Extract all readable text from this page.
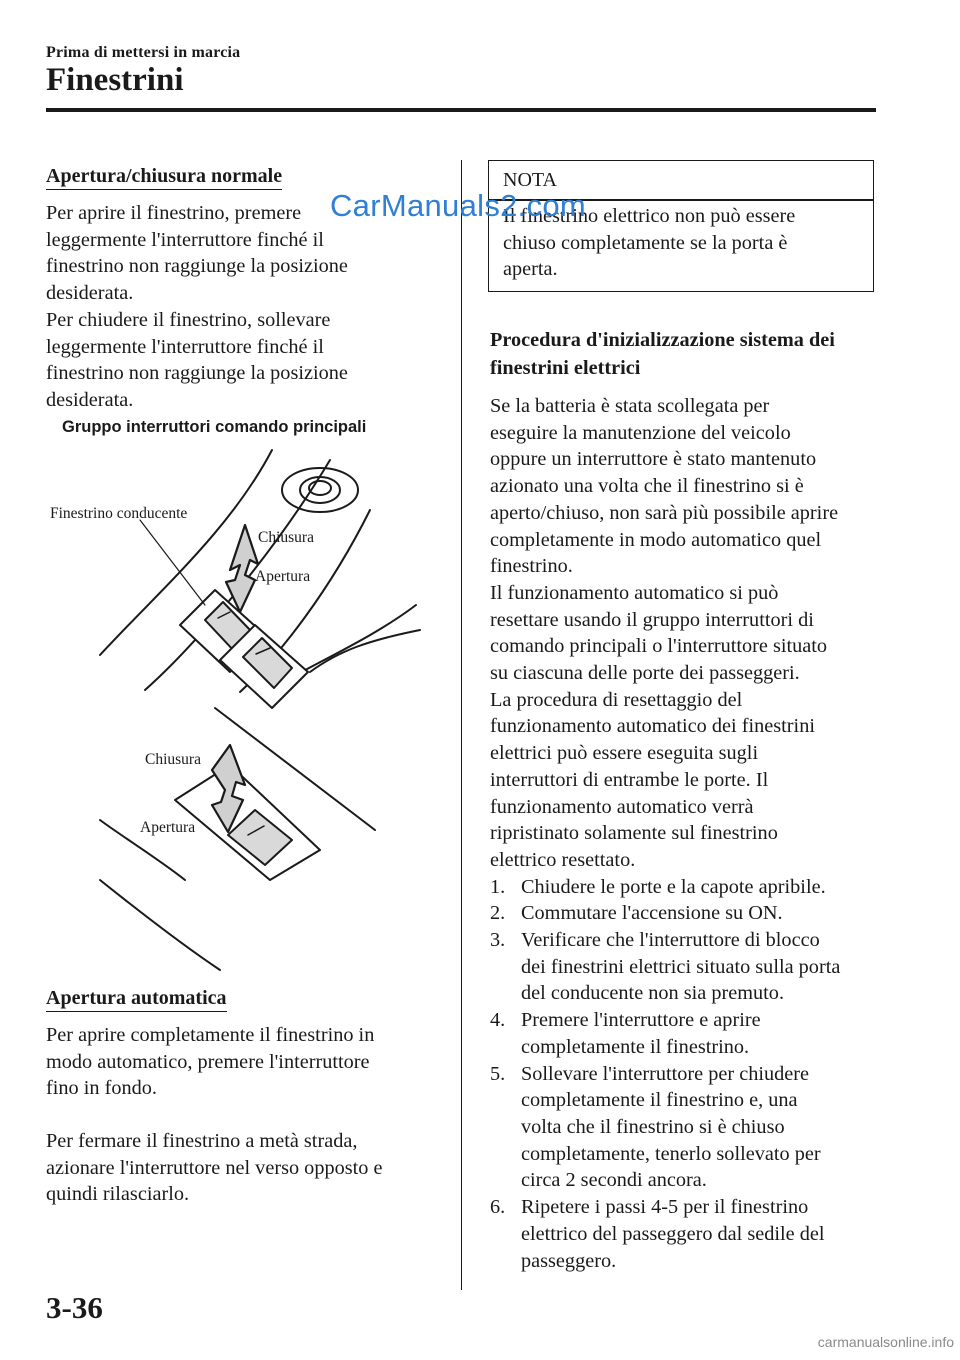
Prima di mettersi in marcia
Finestrini
Apertura/chiusura normale

Per aprire il finestrino, premere

leggermente l'interruttore finché il

finestrino non raggiunge la posizione

desiderata.

Per chiudere il finestrino, sollevare

leggermente l'interruttore finché il

finestrino non raggiunge la posizione

desiderata.

Gruppo interruttori comando principali
Finestrino conducente
Chiusura
Apertura
Chiusura
Apertura
Apertura automatica

Per aprire completamente il finestrino in

modo automatico, premere l'interruttore

fino in fondo.

Per fermare il finestrino a metà strada,

azionare l'interruttore nel verso opposto e

quindi rilasciarlo.

NOTA
Il finestrino elettrico non può essere
chiuso completamente se la porta è
aperta.
Procedura d'inizializzazione sistema dei
finestrini elettrici

Se la batteria è stata scollegata per

eseguire la manutenzione del veicolo

oppure un interruttore è stato mantenuto

azionato una volta che il finestrino si è

aperto/chiuso, non sarà più possibile aprire

completamente in modo automatico quel

finestrino.

Il funzionamento automatico si può

resettare usando il gruppo interruttori di

comando principali o l'interruttore situato

su ciascuna delle porte dei passeggeri.

La procedura di resettaggio del

funzionamento automatico dei finestrini

elettrici può essere eseguita sugli

interruttori di entrambe le porte. Il

funzionamento automatico verrà

ripristinato solamente sul finestrino

elettrico resettato.

1. Chiudere le porte e la capote apribile.
2. Commutare l'accensione su ON.
3. Verificare che l'interruttore di blocco
dei finestrini elettrici situato sulla porta
del conducente non sia premuto.
4. Premere l'interruttore e aprire
completamente il finestrino.
5. Sollevare l'interruttore per chiudere
completamente il finestrino e, una
volta che il finestrino si è chiuso
completamente, tenerlo sollevato per
circa 2 secondi ancora.
6. Ripetere i passi 4-5 per il finestrino
elettrico del passeggero dal sedile del
passeggero.
3-36
CarManuals2.com
carmanualsonline.info
